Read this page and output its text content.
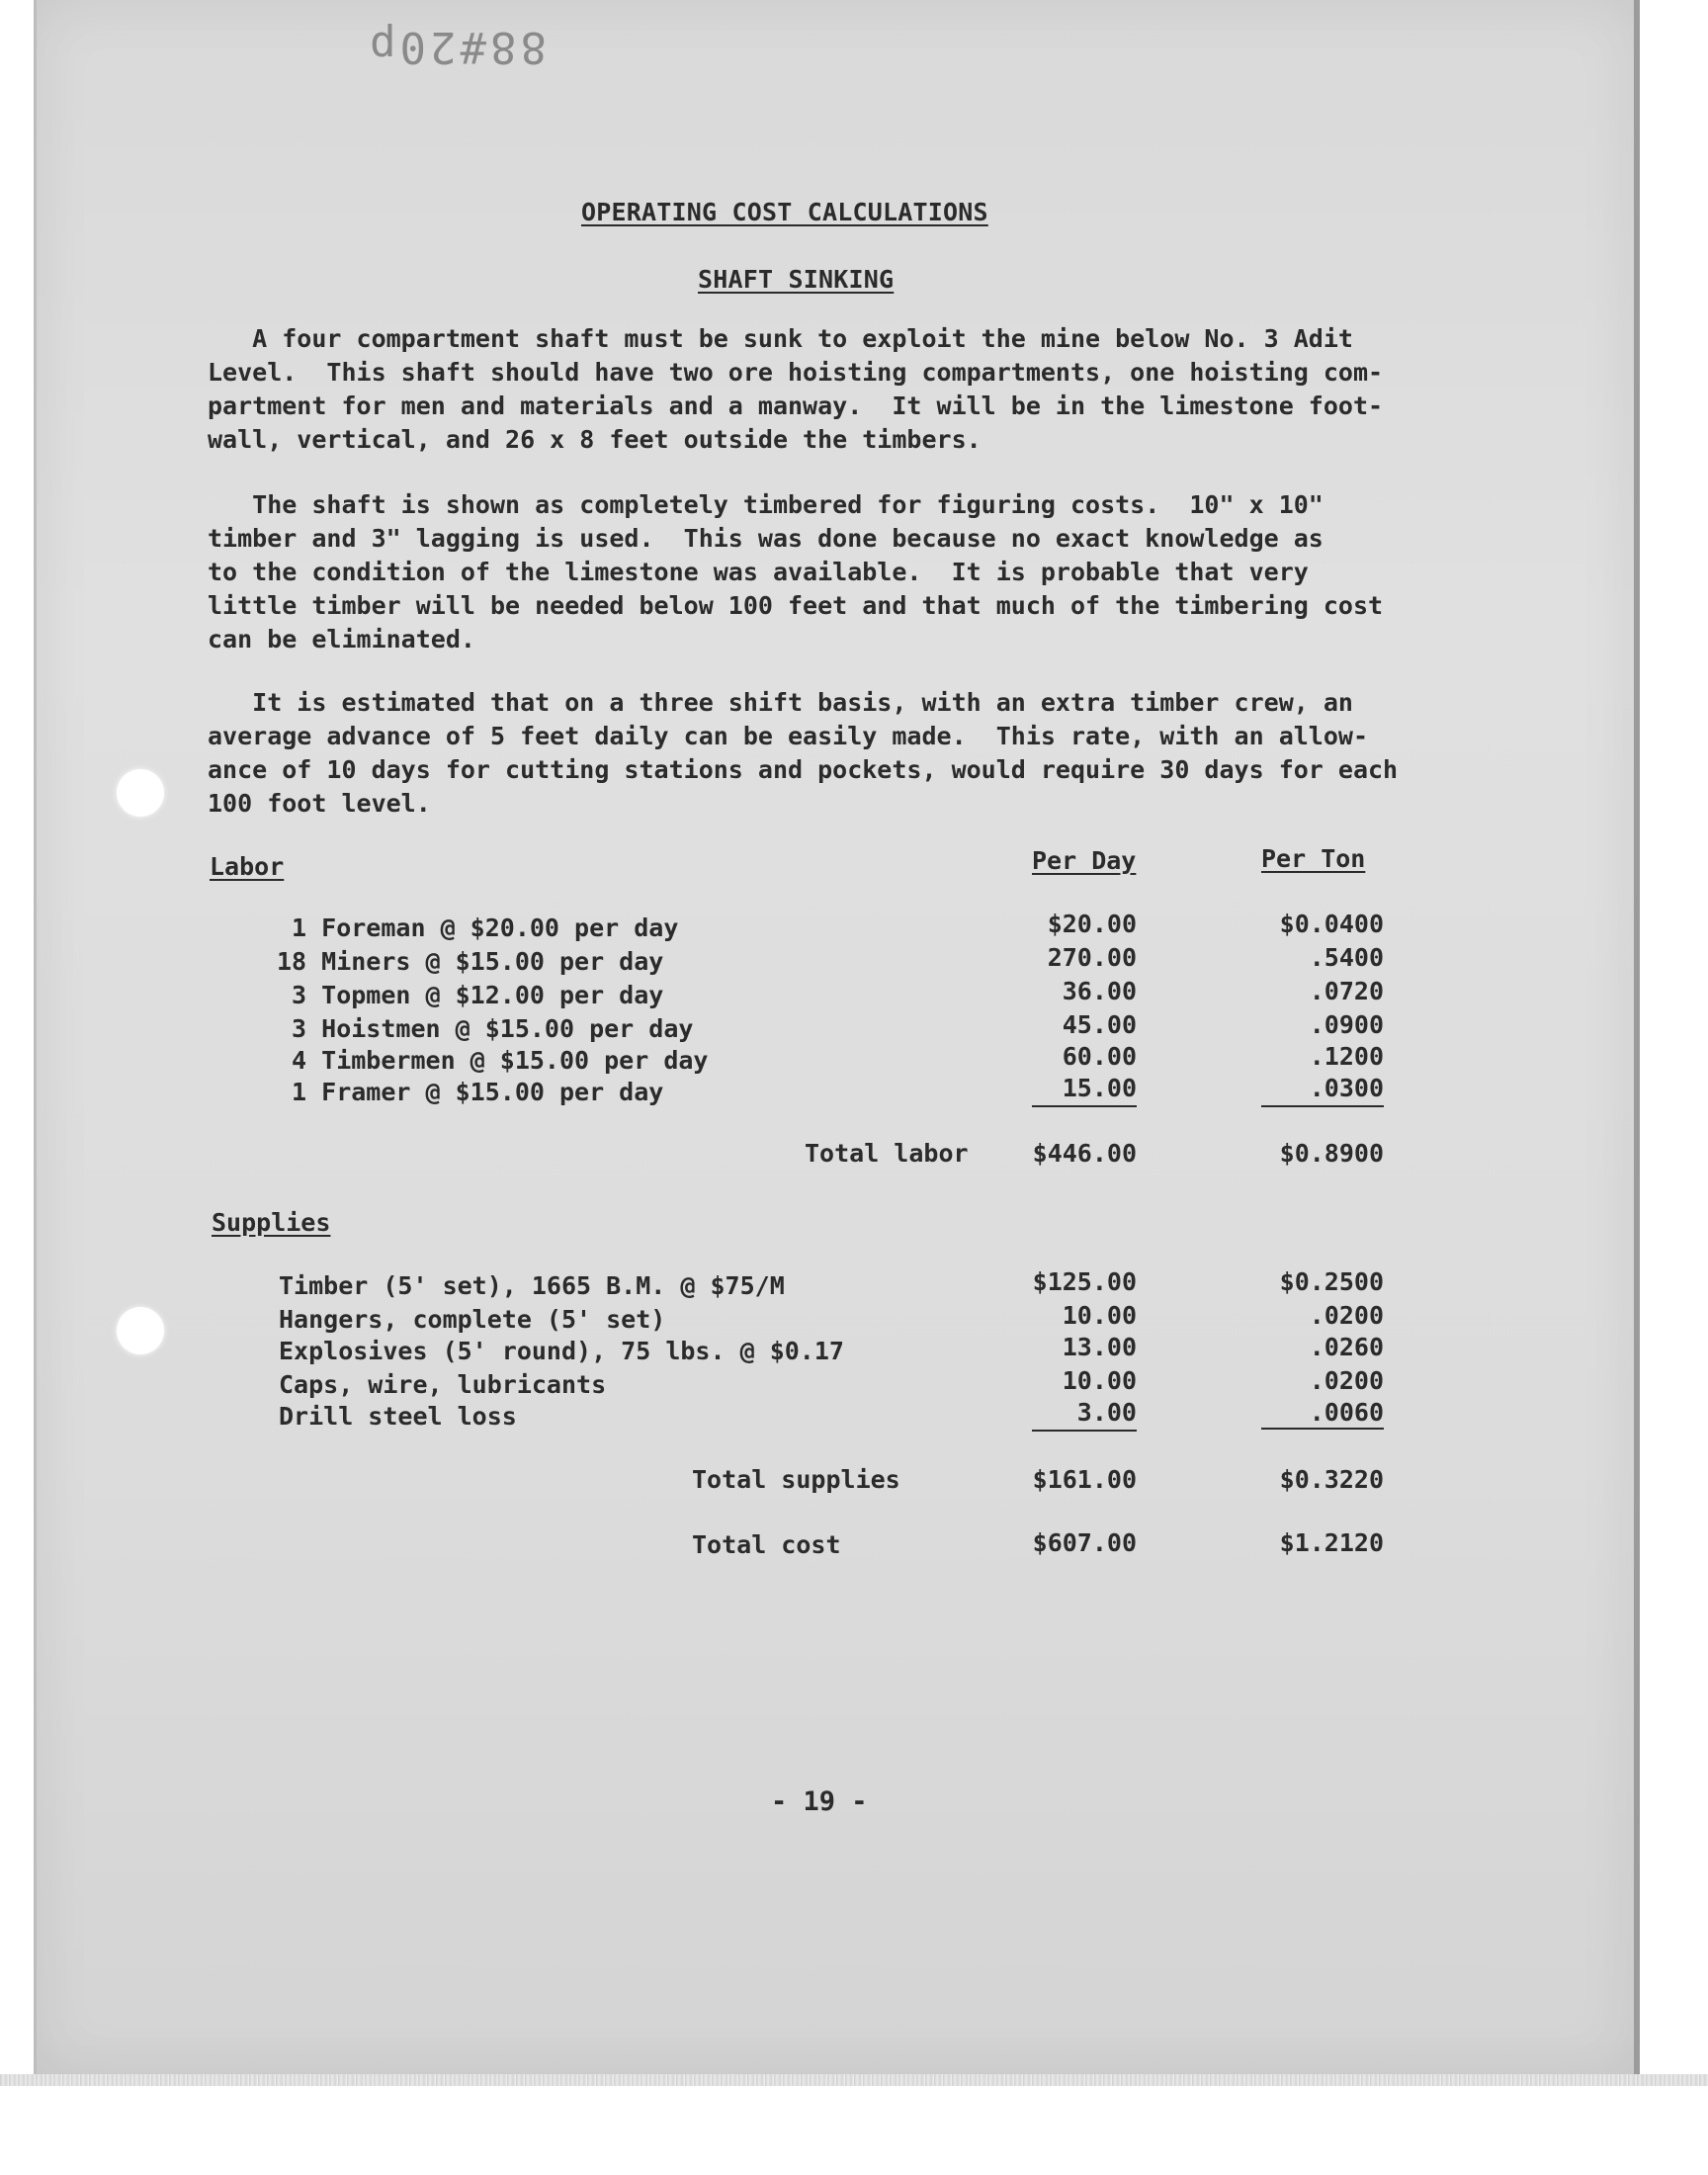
88#20p
OPERATING COST CALCULATIONS
SHAFT SINKING
A four compartment shaft must be sunk to exploit the mine below No. 3 Adit
Level.  This shaft should have two ore hoisting compartments, one hoisting com-
partment for men and materials and a manway.  It will be in the limestone foot-
wall, vertical, and 26 x 8 feet outside the timbers.
The shaft is shown as completely timbered for figuring costs.  10" x 10"
timber and 3" lagging is used.  This was done because no exact knowledge as
to the condition of the limestone was available.  It is probable that very
little timber will be needed below 100 feet and that much of the timbering cost
can be eliminated.
It is estimated that on a three shift basis, with an extra timber crew, an
average advance of 5 feet daily can be easily made.  This rate, with an allow-
ance of 10 days for cutting stations and pockets, would require 30 days for each
100 foot level.
Labor	Per Day	Per Ton
1 Foreman @ $20.00 per day	$20.00	$0.0400
18 Miners @ $15.00 per day	270.00	.5400
3 Topmen @ $12.00 per day	36.00	.0720
3 Hoistmen @ $15.00 per day	45.00	.0900
4 Timbermen @ $15.00 per day	60.00	.1200
1 Framer @ $15.00 per day	15.00	.0300
Total labor	$446.00	$0.8900
Supplies
Timber (5' set), 1665 B.M. @ $75/M	$125.00	$0.2500
Hangers, complete (5' set)	10.00	.0200
Explosives (5' round), 75 lbs. @ $0.17	13.00	.0260
Caps, wire, lubricants	10.00	.0200
Drill steel loss	3.00	.0060
Total supplies	$161.00	$0.3220
Total cost	$607.00	$1.2120
- 19 -
